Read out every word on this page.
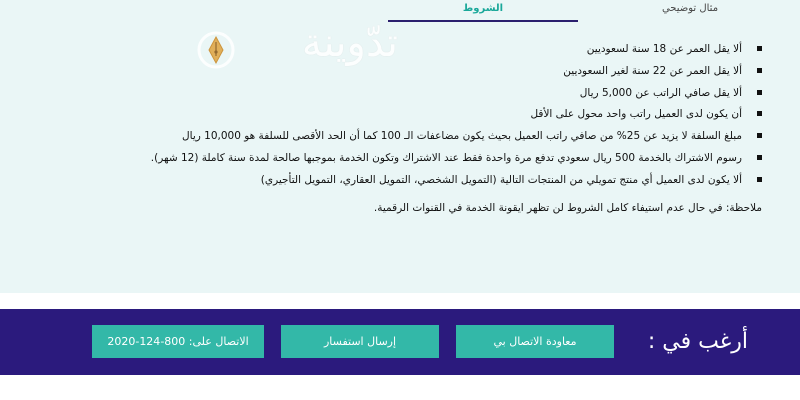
مثال توضيحي
الشروط
تدّوينة	ألا يقل العمر عن 18 سنة لسعوديين
ألا يقل العمر عن 22 سنة لغير السعوديين
ألا يقل صافي الراتب عن 5,000 ريال
أن يكون لدى العميل راتب واحد محول على الأقل
مبلغ السلفة لا يزيد عن 25% من صافي راتب العميل بحيث يكون مضاعفات الـ 100 كما أن الحد الأقصى للسلفة هو 10,000 ريال
رسوم الاشتراك بالخدمة 500 ريال سعودي تدفع مرة واحدة فقط عند الاشتراك وتكون الخدمة بموجبها صالحة لمدة سنة كاملة (12 شهر).
ألا يكون لدى العميل أي منتج تمويلي من المنتجات التالية (التمويل الشخصي، التمويل العقاري، التمويل التأجيري)
ملاحظة: في حال عدم استيفاء كامل الشروط لن تظهر ايقونة الخدمة في القنوات الرقمية.
أرغب في :
معاودة الاتصال بي
إرسال استفسار
الاتصال على: 800-124-2020
